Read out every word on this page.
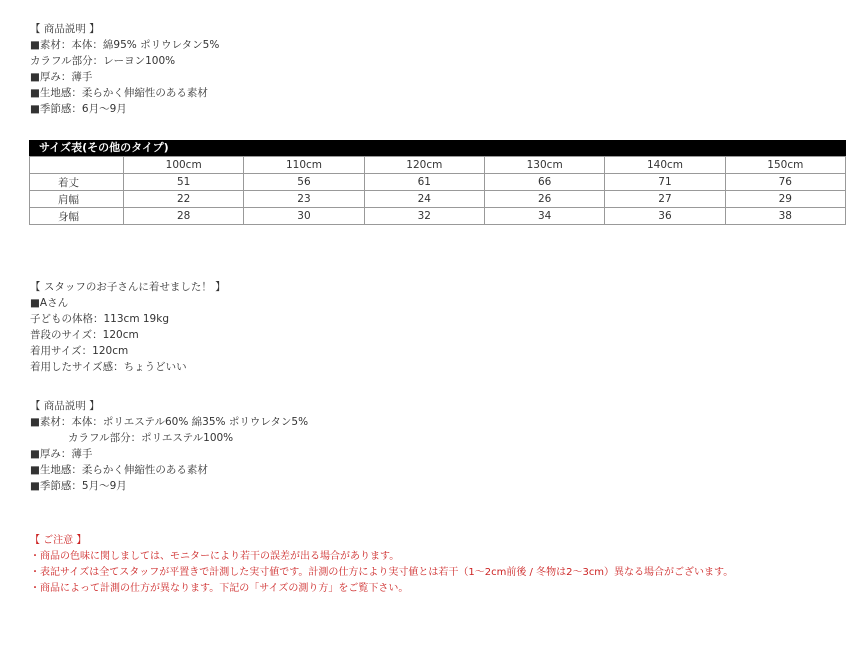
【 商品説明 】
■素材：本体：綿95% ポリウレタン5%
カラフル部分：レーヨン100%
■厚み：薄手
■生地感：柔らかく伸縮性のある素材
■季節感：6月〜9月
サイズ表(その他のタイプ)
	100cm	110cm	120cm	130cm	140cm	150cm
着丈	51	56	61	66	71	76
肩幅	22	23	24	26	27	29
身幅	28	30	32	34	36	38
【 スタッフのお子さんに着せました！ 】
■Aさん
子どもの体格：113cm 19kg
普段のサイズ：120cm
着用サイズ：120cm
着用したサイズ感：ちょうどいい
【 商品説明 】
■素材：本体：ポリエステル60% 綿35% ポリウレタン5%
カラフル部分：ポリエステル100%
■厚み：薄手
■生地感：柔らかく伸縮性のある素材
■季節感：5月〜9月
【 ご注意 】
・商品の色味に関しましては、モニターにより若干の誤差が出る場合があります。
・表記サイズは全てスタッフが平置きで計測した実寸値です。計測の仕方により実寸値とは若干（1〜2cm前後 / 冬物は2〜3cm）異なる場合がございます。
・商品によって計測の仕方が異なります。下記の「サイズの測り方」をご覧下さい。
